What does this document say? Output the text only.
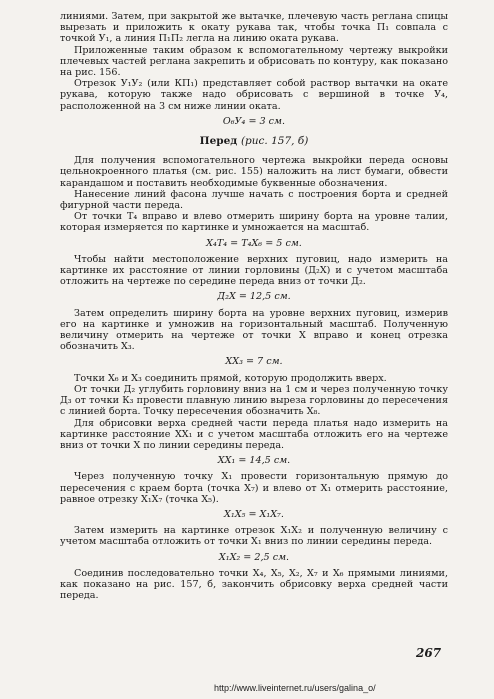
линиями. Затем, при закрытой же вытачке, плечевую часть реглана спицы вырезать и приложить к окату рукава так, чтобы точка П₁ совпала с точкой У₁, а линия П₁П₂ легла на линию оката рукава.

Приложенные таким образом к вспомогательному чертежу выкройки плечевых частей реглана закрепить и обрисовать по контуру, как показано на рис. 156.

Отрезок У₁У₂ (или КП₁) представляет собой раствор вытачки на окате рукава, которую также надо обрисовать с вершиной в точке У₄, расположенной на 3 см ниже линии оката.

О₆У₄ = 3 см.

Перед (рис. 157, б)

Для получения вспомогательного чертежа выкройки переда основы цельнокроенного платья (см. рис. 155) наложить на лист бумаги, обвести карандашом и поставить необходимые буквенные обозначения.

Нанесение линий фасона лучше начать с построения борта и средней фигурной части переда.

От точки Т₄ вправо и влево отмерить ширину борта на уровне талии, которая измеряется по картинке и умножается на масштаб.

Х₄Т₄ = Т₄Х₆ = 5 см.

Чтобы найти местоположение верхних пуговиц, надо измерить на картинке их расстояние от линии горловины (Д₂Х) и с учетом масштаба отложить на чертеже по середине переда вниз от точки Д₂.

Д₂Х = 12,5 см.

Затем определить ширину борта на уровне верхних пуговиц, измерив его на картинке и умножив на горизонтальный масштаб. Полученную величину отмерить на чертеже от точки Х вправо и конец отрезка обозначить Х₃.

ХХ₃ = 7 см.

Точки Х₆ и Х₃ соединить прямой, которую продолжить вверх.

От точки Д₂ углубить горловину вниз на 1 см и через полученную точку Д₃ от точки К₃ провести плавную линию выреза горловины до пересечения с линией борта. Точку пересечения обозначить Х₈.

Для обрисовки верха средней части переда платья надо измерить на картинке расстояние ХХ₁ и с учетом масштаба отложить его на чертеже вниз от точки Х по линии середины переда.

ХХ₁ = 14,5 см.

Через полученную точку Х₁ провести горизонтальную прямую до пересечения с краем борта (точка Х₇) и влево от Х₁ отмерить расстояние, равное отрезку Х₁Х₇ (точка Х₅).

Х₁Х₅ = Х₁Х₇.

Затем измерить на картинке отрезок Х₁Х₂ и полученную величину с учетом масштаба отложить от точки Х₁ вниз по линии середины переда.

Х₁Х₂ = 2,5 см.

Соединив последовательно точки Х₄, Х₅, Х₂, Х₇ и Х₆ прямыми линиями, как показано на рис. 157, б, закончить обрисовку верха средней части переда.

267
http://www.liveinternet.ru/users/galina_o/
